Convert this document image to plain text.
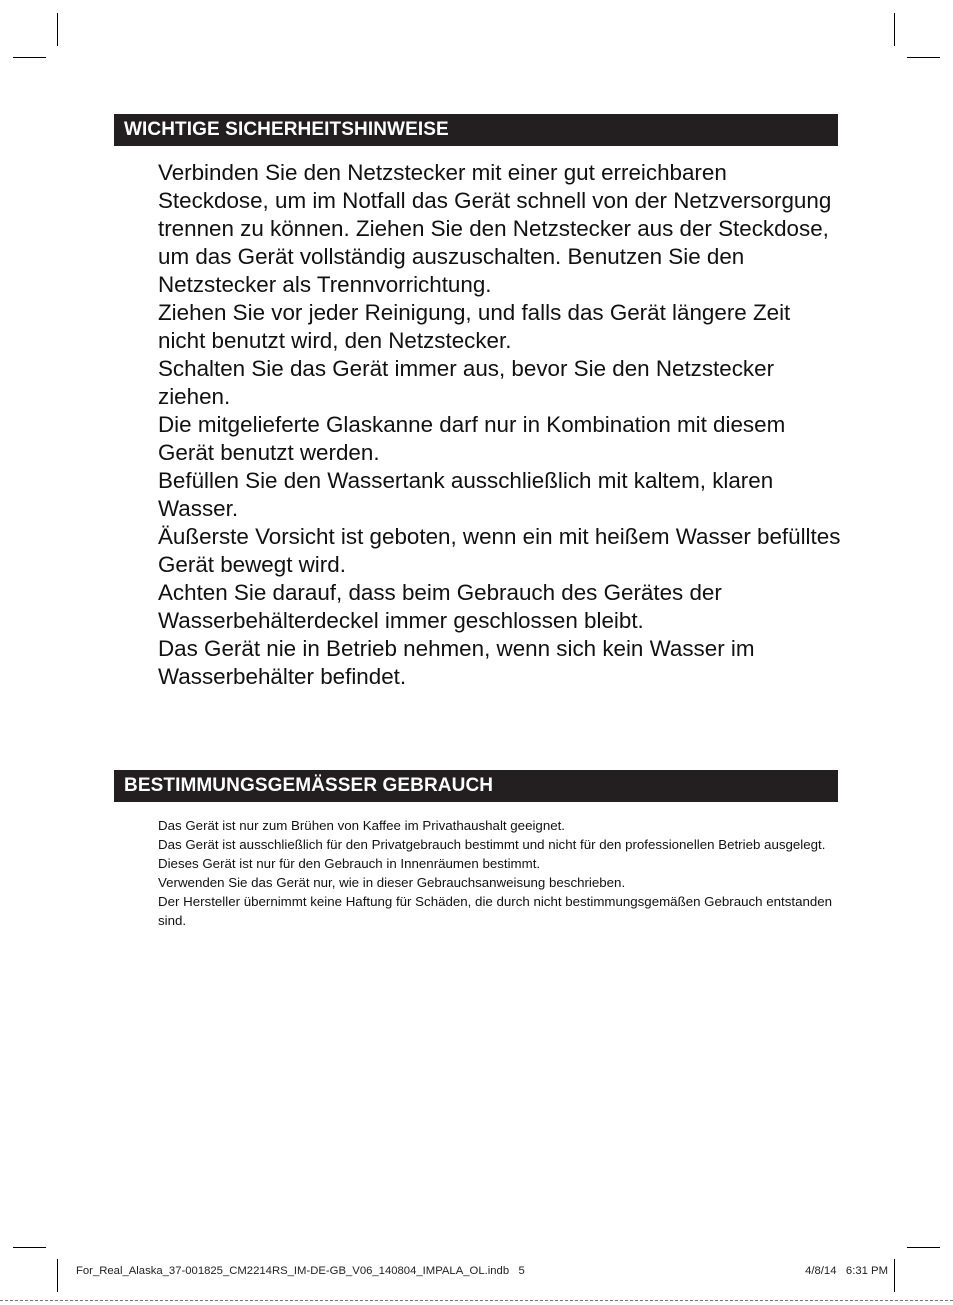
WICHTIGE SICHERHEITSHINWEISE
Verbinden Sie den Netzstecker mit einer gut erreichbaren Steckdose, um im Notfall das Gerät schnell von der Netzversorgung trennen zu können. Ziehen Sie den Netzstecker aus der Steckdose, um das Gerät vollständig auszuschalten. Benutzen Sie den Netzstecker als Trennvorrichtung.
Ziehen Sie vor jeder Reinigung, und falls das Gerät längere Zeit nicht benutzt wird, den Netzstecker.
Schalten Sie das Gerät immer aus, bevor Sie den Netzstecker ziehen.
Die mitgelieferte Glaskanne darf nur in Kombination mit diesem Gerät benutzt werden.
Befüllen Sie den Wassertank ausschließlich mit kaltem, klaren Wasser.
Äußerste Vorsicht ist geboten, wenn ein mit heißem Wasser befülltes Gerät bewegt wird.
Achten Sie darauf, dass beim Gebrauch des Gerätes der Wasserbehälterdeckel immer geschlossen bleibt.
Das Gerät nie in Betrieb nehmen, wenn sich kein Wasser im Wasserbehälter befindet.
BESTIMMUNGSGEMÄSSER GEBRAUCH
Das Gerät ist nur zum Brühen von Kaffee im Privathaushalt geeignet.
Das Gerät ist ausschließlich für den Privatgebrauch bestimmt und nicht für den professionellen Betrieb ausgelegt.
Dieses Gerät ist nur für den Gebrauch in Innenräumen bestimmt.
Verwenden Sie das Gerät nur, wie in dieser Gebrauchsanweisung beschrieben.
Der Hersteller übernimmt keine Haftung für Schäden, die durch nicht bestimmungsgemäßen Gebrauch entstanden sind.
For_Real_Alaska_37-001825_CM2214RS_IM-DE-GB_V06_140804_IMPALA_OL.indb   5	4/8/14   6:31 PM
